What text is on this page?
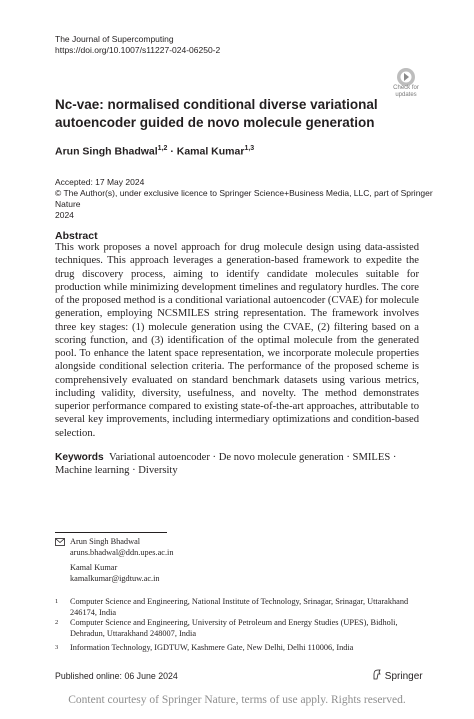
The Journal of Supercomputing
https://doi.org/10.1007/s11227-024-06250-2
Check for
updates
Nc-vae: normalised conditional diverse variational
autoencoder guided de novo molecule generation
Arun Singh Bhadwal$^{1,2}$ · Kamal Kumar$^{1,3}$
Accepted: 17 May 2024
© The Author(s), under exclusive licence to Springer Science+Business Media, LLC, part of Springer Nature
2024
Abstract
This work proposes a novel approach for drug molecule design using data-assisted techniques. This approach leverages a generation-based framework to expedite the drug discovery process, aiming to identify candidate molecules suitable for production while minimizing development timelines and regulatory hurdles. The core of the proposed method is a conditional variational autoencoder (CVAE) for molecule generation, employing NCSMILES string representation. The framework involves three key stages: (1) molecule generation using the CVAE, (2) filtering based on a scoring function, and (3) identification of the optimal molecule from the generated pool. To enhance the latent space representation, we incorporate molecule properties alongside conditional selection criteria. The performance of the proposed scheme is comprehensively evaluated on standard benchmark datasets using various metrics, including validity, diversity, usefulness, and novelty. The method demonstrates superior performance compared to existing state-of-the-art approaches, attributable to several key improvements, including intermediary optimizations and condition-based selection.
Keywords Variational autoencoder · De novo molecule generation · SMILES · Machine learning · Diversity
Arun Singh Bhadwal
aruns.bhadwal@ddn.upes.ac.in
Kamal Kumar
kamalkumar@igdtuw.ac.in
1 Computer Science and Engineering, National Institute of Technology, Srinagar, Srinagar, Uttarakhand 246174, India
2 Computer Science and Engineering, University of Petroleum and Energy Studies (UPES), Bidholi, Dehradun, Uttarakhand 248007, India
3 Information Technology, IGDTUW, Kashmere Gate, New Delhi, Delhi 110006, India
Published online: 06 June 2024	Springer
Content courtesy of Springer Nature, terms of use apply. Rights reserved.
